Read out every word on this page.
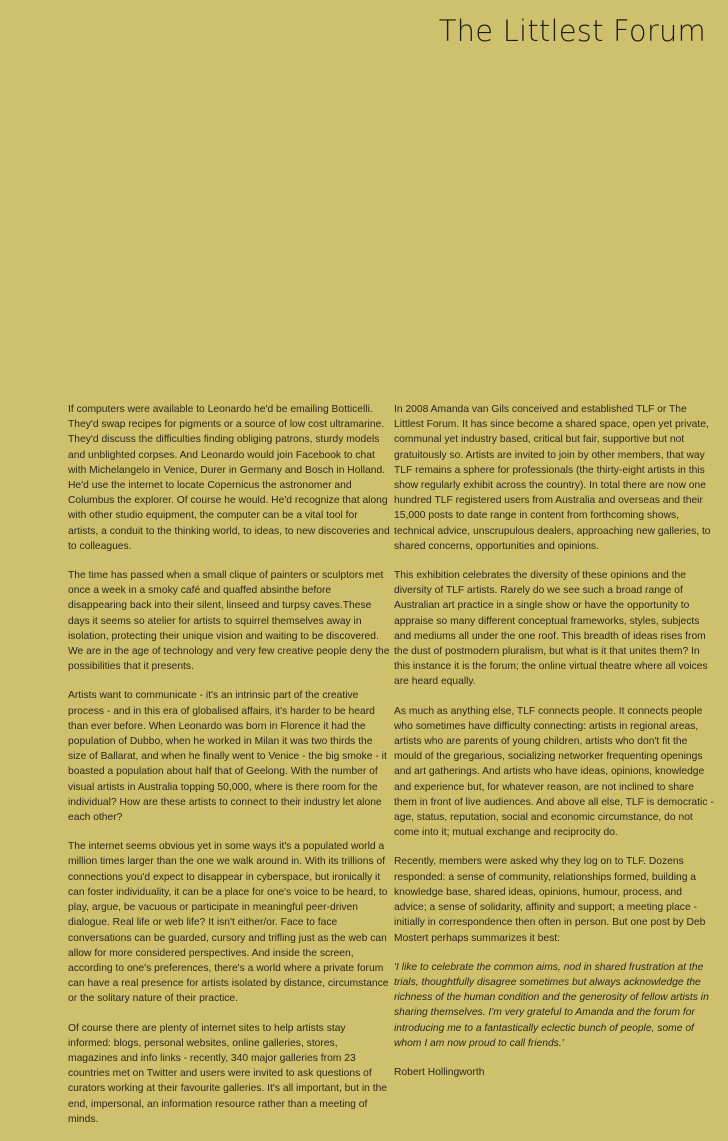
The Littlest Forum

If computers were available to Leonardo he'd be emailing Botticelli. They'd swap recipes for pigments or a source of low cost ultramarine. They'd discuss the difficulties finding obliging patrons, sturdy models and unblighted corpses. And Leonardo would join Facebook to chat with Michelangelo in Venice, Durer in Germany and Bosch in Holland. He'd use the internet to locate Copernicus the astronomer and Columbus the explorer. Of course he would. He'd recognize that along with other studio equipment, the computer can be a vital tool for artists, a conduit to the thinking world, to ideas, to new discoveries and to colleagues.

The time has passed when a small clique of painters or sculptors met once a week in a smoky café and quaffed absinthe before disappearing back into their silent, linseed and turpsy caves.These days it seems so atelier for artists to squirrel themselves away in isolation, protecting their unique vision and waiting to be discovered. We are in the age of technology and very few creative people deny the possibilities that it presents.

Artists want to communicate - it's an intrinsic part of the creative process - and in this era of globalised affairs, it's harder to be heard than ever before. When Leonardo was born in Florence it had the population of Dubbo, when he worked in Milan it was two thirds the size of Ballarat, and when he finally went to Venice - the big smoke - it boasted a population about half that of Geelong. With the number of visual artists in Australia topping 50,000, where is there room for the individual? How are these artists to connect to their industry let alone each other?

The internet seems obvious yet in some ways it's a populated world a million times larger than the one we walk around in. With its trillions of connections you'd expect to disappear in cyberspace, but ironically it can foster individuality, it can be a place for one's voice to be heard, to play, argue, be vacuous or participate in meaningful peer-driven dialogue. Real life or web life? It isn't either/or. Face to face conversations can be guarded, cursory and trifling just as the web can allow for more considered perspectives. And inside the screen, according to one's preferences, there's a world where a private forum can have a real presence for artists isolated by distance, circumstance or the solitary nature of their practice.

Of course there are plenty of internet sites to help artists stay informed: blogs, personal websites, online galleries, stores, magazines and info links - recently, 340 major galleries from 23 countries met on Twitter and users were invited to ask questions of curators working at their favourite galleries. It's all important, but in the end, impersonal, an information resource rather than a meeting of minds.

In 2008 Amanda van Gils conceived and established TLF or The Littlest Forum. It has since become a shared space, open yet private, communal yet industry based, critical but fair, supportive but not gratuitously so. Artists are invited to join by other members, that way TLF remains a sphere for professionals (the thirty-eight artists in this show regularly exhibit across the country). In total there are now one hundred TLF registered users from Australia and overseas and their 15,000 posts to date range in content from forthcoming shows, technical advice, unscrupulous dealers, approaching new galleries, to shared concerns, opportunities and opinions.

This exhibition celebrates the diversity of these opinions and the diversity of TLF artists. Rarely do we see such a broad range of Australian art practice in a single show or have the opportunity to appraise so many different conceptual frameworks, styles, subjects and mediums all under the one roof. This breadth of ideas rises from the dust of postmodern pluralism, but what is it that unites them? In this instance it is the forum; the online virtual theatre where all voices are heard equally.

As much as anything else, TLF connects people. It connects people who sometimes have difficulty connecting: artists in regional areas, artists who are parents of young children, artists who don't fit the mould of the gregarious, socializing networker frequenting openings and art gatherings. And artists who have ideas, opinions, knowledge and experience but, for whatever reason, are not inclined to share them in front of live audiences. And above all else, TLF is democratic - age, status, reputation, social and economic circumstance, do not come into it; mutual exchange and reciprocity do.

Recently, members were asked why they log on to TLF. Dozens responded: a sense of community, relationships formed, building a knowledge base, shared ideas, opinions, humour, process, and advice; a sense of solidarity, affinity and support; a meeting place - initially in correspondence then often in person. But one post by Deb Mostert perhaps summarizes it best:

'I like to celebrate the common aims, nod in shared frustration at the trials, thoughtfully disagree sometimes but always acknowledge the richness of the human condition and the generosity of fellow artists in sharing themselves. I'm very grateful to Amanda and the forum for introducing me to a fantastically eclectic bunch of people, some of whom I am now proud to call friends.'

Robert Hollingworth
